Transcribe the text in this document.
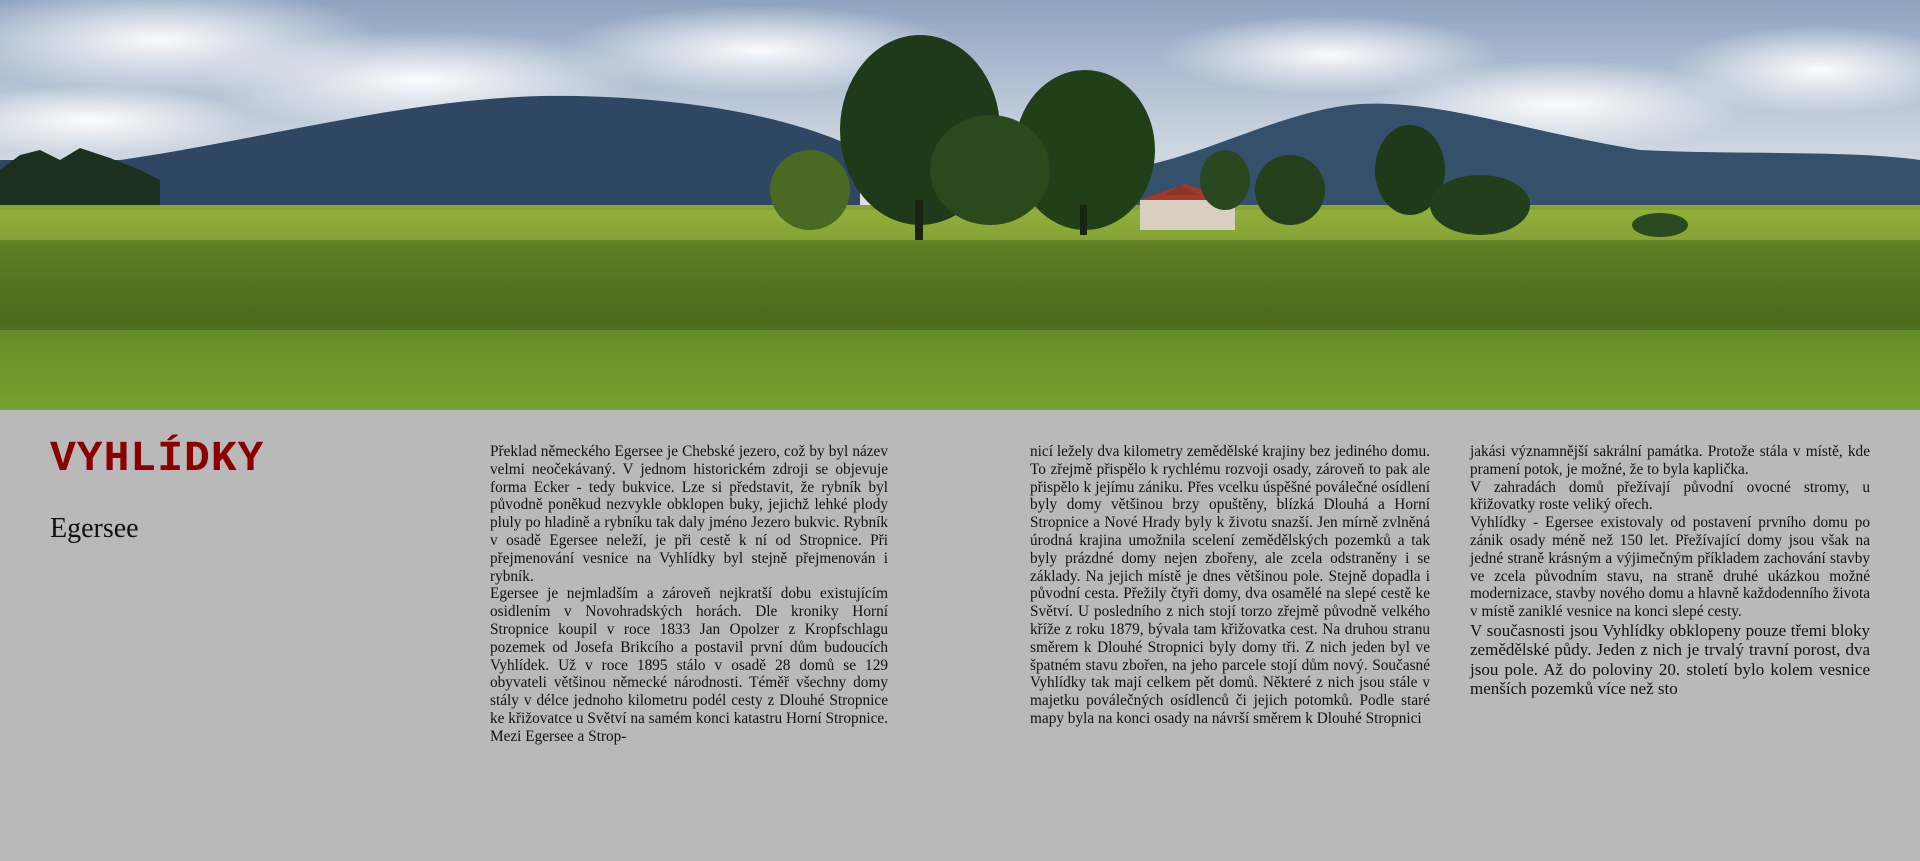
VYHLÍDKY
Egersee

Překlad německého Egersee je Chebské jezero, což by byl název velmi neočekávaný. V jednom historickém zdroji se objevuje forma Ecker - tedy bukvice. Lze si představit, že rybník byl původně poněkud nezvykle obklopen buky, jejichž lehké plody pluly po hladině a rybníku tak daly jméno Jezero bukvic. Rybník v osadě Egersee neleží, je při cestě k ní od Stropnice. Při přejmenování vesnice na Vyhlídky byl stejně přejmenován i rybník.

Egersee je nejmladším a zároveň nejkratší dobu existujícím osidlením v Novohradských horách. Dle kroniky Horní Stropnice koupil v roce 1833 Jan Opolzer z Kropfschlagu pozemek od Josefa Brikcího a postavil první dům budoucích Vyhlídek. Už v roce 1895 stálo v osadě 28 domů se 129 obyvateli většinou německé národnosti. Téměř všechny domy stály v délce jednoho kilometru podél cesty z Dlouhé Stropnice ke křižovatce u Světví na samém konci katastru Horní Stropnice. Mezi Egersee a Strop-

nicí ležely dva kilometry zemědělské krajiny bez jediného domu. To zřejmě přispělo k rychlému rozvoji osady, zároveň to pak ale přispělo k jejímu zániku. Přes vcelku úspěšné poválečné osídlení byly domy většinou brzy opuštěny, blízká Dlouhá a Horní Stropnice a Nové Hrady byly k životu snazší. Jen mírně zvlněná úrodná krajina umožnila scelení zemědělských pozemků a tak byly prázdné domy nejen zbořeny, ale zcela odstraněny i se základy. Na jejich místě je dnes většinou pole. Stejně dopadla i původní cesta. Přežily čtyři domy, dva osamělé na slepé cestě ke Světví. U posledního z nich stojí torzo zřejmě původně velkého kříže z roku 1879, bývala tam křižovatka cest. Na druhou stranu směrem k Dlouhé Stropnici byly domy tři. Z nich jeden byl ve špatném stavu zbořen, na jeho parcele stojí dům nový. Současné Vyhlídky tak mají celkem pět domů. Některé z nich jsou stále v majetku poválečných osídlenců či jejich potomků. Podle staré mapy byla na konci osady na návrší směrem k Dlouhé Stropnici

jakási významnější sakrální památka. Protože stála v místě, kde pramení potok, je možné, že to byla kaplička.

V zahradách domů přežívají původní ovocné stromy, u křižovatky roste veliký ořech.

Vyhlídky - Egersee existovaly od postavení prvního domu po zánik osady méně než 150 let. Přežívající domy jsou však na jedné straně krásným a výjimečným příkladem zachování stavby ve zcela původním stavu, na straně druhé ukázkou možné modernizace, stavby nového domu a hlavně každodenního života v místě zaniklé vesnice na konci slepé cesty.

V současnosti jsou Vyhlídky obklopeny pouze třemi bloky zemědělské půdy. Jeden z nich je trvalý travní porost, dva jsou pole. Až do poloviny 20. století bylo kolem vesnice menších pozemků více než sto
